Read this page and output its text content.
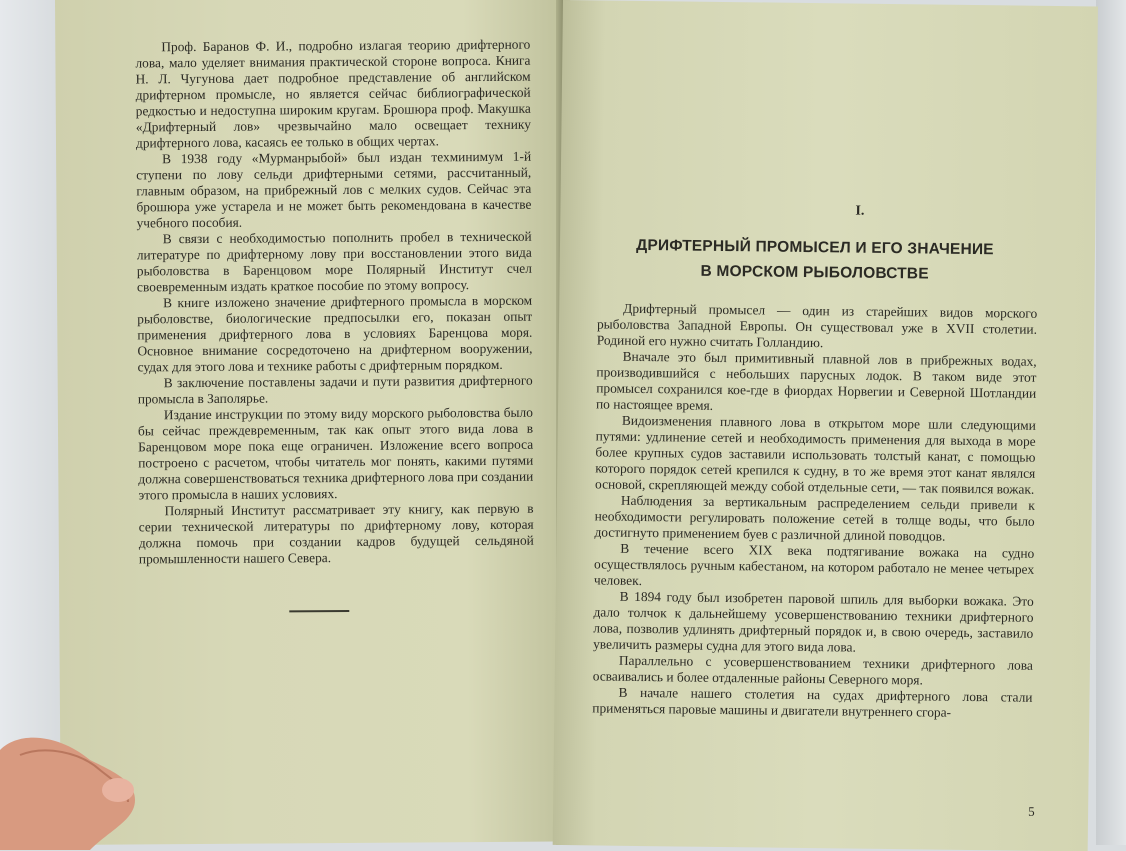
Проф. Баранов Ф. И., подробно излагая теорию дрифтерного лова, мало уделяет внимания практической стороне вопроса. Книга Н. Л. Чугунова дает подробное представление об английском дрифтерном промысле, но является сейчас библиографической редкостью и недоступна широким кругам. Брошюра проф. Макушка «Дрифтерный лов» чрезвычайно мало освещает технику дрифтерного лова, касаясь ее только в общих чертах.

В 1938 году «Мурманрыбой» был издан техминимум 1-й ступени по лову сельди дрифтерными сетями, рассчитанный, главным образом, на прибрежный лов с мелких судов. Сейчас эта брошюра уже устарела и не может быть рекомендована в качестве учебного пособия.

В связи с необходимостью пополнить пробел в технической литературе по дрифтерному лову при восстановлении этого вида рыболовства в Баренцовом море Полярный Институт счел своевременным издать краткое пособие по этому вопросу.

В книге изложено значение дрифтерного промысла в морском рыболовстве, биологические предпосылки его, показан опыт применения дрифтерного лова в условиях Баренцова моря. Основное внимание сосредоточено на дрифтерном вооружении, судах для этого лова и технике работы с дрифтерным порядком.

В заключение поставлены задачи и пути развития дрифтерного промысла в Заполярье.

Издание инструкции по этому виду морского рыболовства было бы сейчас преждевременным, так как опыт этого вида лова в Баренцовом море пока еще ограничен. Изложение всего вопроса построено с расчетом, чтобы читатель мог понять, какими путями должна совершенствоваться техника дрифтерного лова при создании этого промысла в наших условиях.

Полярный Институт рассматривает эту книгу, как первую в серии технической литературы по дрифтерному лову, которая должна помочь при создании кадров будущей сельдяной промышленности нашего Севера.

I.
ДРИФТЕРНЫЙ ПРОМЫСЕЛ И ЕГО ЗНАЧЕНИЕ
В МОРСКОМ РЫБОЛОВСТВЕ

Дрифтерный промысел — один из старейших видов морского рыболовства Западной Европы. Он существовал уже в XVII столетии. Родиной его нужно считать Голландию.

Вначале это был примитивный плавной лов в прибрежных водах, производившийся с небольших парусных лодок. В таком виде этот промысел сохранился кое-где в фиордах Норвегии и Северной Шотландии по настоящее время.

Видоизменения плавного лова в открытом море шли следующими путями: удлинение сетей и необходимость применения для выхода в море более крупных судов заставили использовать толстый канат, с помощью которого порядок сетей крепился к судну, в то же время этот канат являлся основой, скрепляющей между собой отдельные сети, — так появился вожак.

Наблюдения за вертикальным распределением сельди привели к необходимости регулировать положение сетей в толще воды, что было достигнуто применением буев с различной длиной поводцов.

В течение всего XIX века подтягивание вожака на судно осуществлялось ручным кабестаном, на котором работало не менее четырех человек.

В 1894 году был изобретен паровой шпиль для выборки вожака. Это дало толчок к дальнейшему усовершенствованию техники дрифтерного лова, позволив удлинять дрифтерный порядок и, в свою очередь, заставило увеличить размеры судна для этого вида лова.

Параллельно с усовершенствованием техники дрифтерного лова осваивались и более отдаленные районы Северного моря.

В начале нашего столетия на судах дрифтерного лова стали применяться паровые машины и двигатели внутреннего сгора-

5
